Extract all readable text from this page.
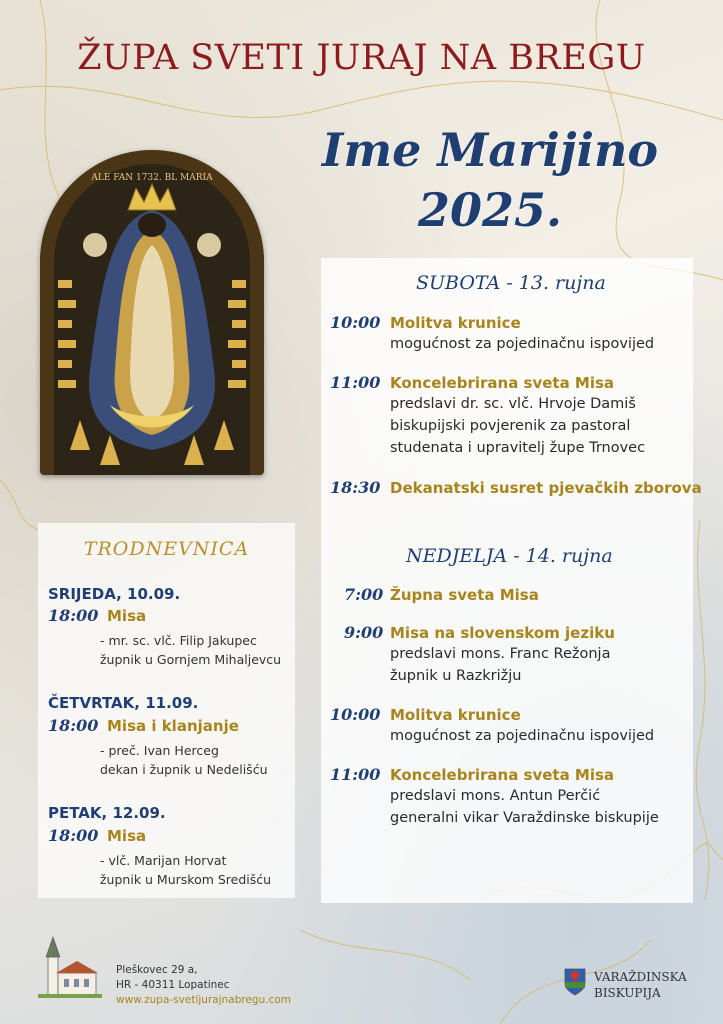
ŽUPA SVETI JURAJ NA BREGU
Ime Marijino
2025.
ALE FAN 1732. BL MARIA
SUBOTA - 13. rujna
10:00 Molitva krunice
mogućnost za pojedinačnu ispovijed
11:00 Koncelebrirana sveta Misa
predslavi dr. sc. vlč. Hrvoje Damiš
biskupijski povjerenik za pastoral
studenata i upravitelj župe Trnovec
18:30 Dekanatski susret pjevačkih zborova
NEDJELJA - 14. rujna
7:00 Župna sveta Misa
9:00 Misa na slovenskom jeziku
predslavi mons. Franc Režonja
župnik u Razkrižju
10:00 Molitva krunice
mogućnost za pojedinačnu ispovijed
11:00 Koncelebrirana sveta Misa
predslavi mons. Antun Perčić
generalni vikar Varaždinske biskupije
TRODNEVNICA
SRIJEDA, 10.09.
18:00 Misa
- mr. sc. vlč. Filip Jakupec
župnik u Gornjem Mihaljevcu
ČETVRTAK, 11.09.
18:00 Misa i klanjanje
- preč. Ivan Herceg
dekan i župnik u Nedelišću
PETAK, 12.09.
18:00 Misa
- vlč. Marijan Horvat
župnik u Murskom Središću
Pleškovec 29 a,
HR - 40311 Lopatinec
www.zupa-svetijurajnabregu.com
VARAŽDINSKA
BISKUPIJA
